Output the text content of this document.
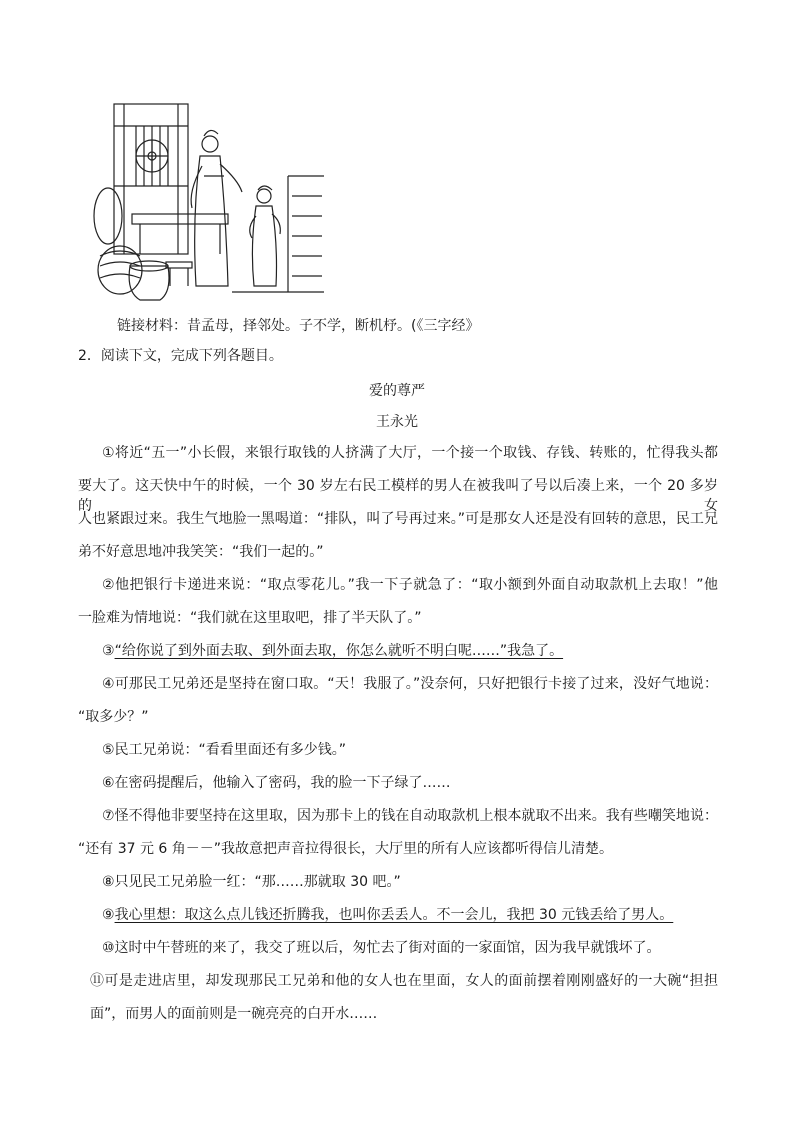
链接材料：昔孟母，择邻处。子不学，断机杼。(《三字经》
2．阅读下文，完成下列各题目。
爱的尊严
王永光
①将近“五一”小长假，来银行取钱的人挤满了大厅，一个接一个取钱、存钱、转账的，忙得我头都
要大了。这天快中午的时候，一个 30 岁左右民工模样的男人在被我叫了号以后凑上来，一个 20 多岁的女
人也紧跟过来。我生气地脸一黑喝道：“排队，叫了号再过来。”可是那女人还是没有回转的意思，民工兄
弟不好意思地冲我笑笑：“我们一起的。”
②他把银行卡递进来说：“取点零花儿。”我一下子就急了：“取小额到外面自动取款机上去取！”他
一脸难为情地说：“我们就在这里取吧，排了半天队了。”
③“给你说了到外面去取、到外面去取，你怎么就听不明白呢……”我急了。
④可那民工兄弟还是坚持在窗口取。“天！我服了。”没奈何，只好把银行卡接了过来，没好气地说：
“取多少？”
⑤民工兄弟说：“看看里面还有多少钱。”
⑥在密码提醒后，他输入了密码，我的脸一下子绿了……
⑦怪不得他非要坚持在这里取，因为那卡上的钱在自动取款机上根本就取不出来。我有些嘲笑地说：
“还有 37 元 6 角－－”我故意把声音拉得很长，大厅里的所有人应该都听得信儿清楚。
⑧只见民工兄弟脸一红：“那……那就取 30 吧。”
⑨我心里想：取这么点儿钱还折腾我，也叫你丢丢人。不一会儿，我把 30 元钱丢给了男人。
⑩这时中午替班的来了，我交了班以后，匆忙去了街对面的一家面馆，因为我早就饿坏了。
⑪可是走进店里，却发现那民工兄弟和他的女人也在里面，女人的面前摆着刚刚盛好的一大碗“担担
面”，而男人的面前则是一碗亮亮的白开水……
